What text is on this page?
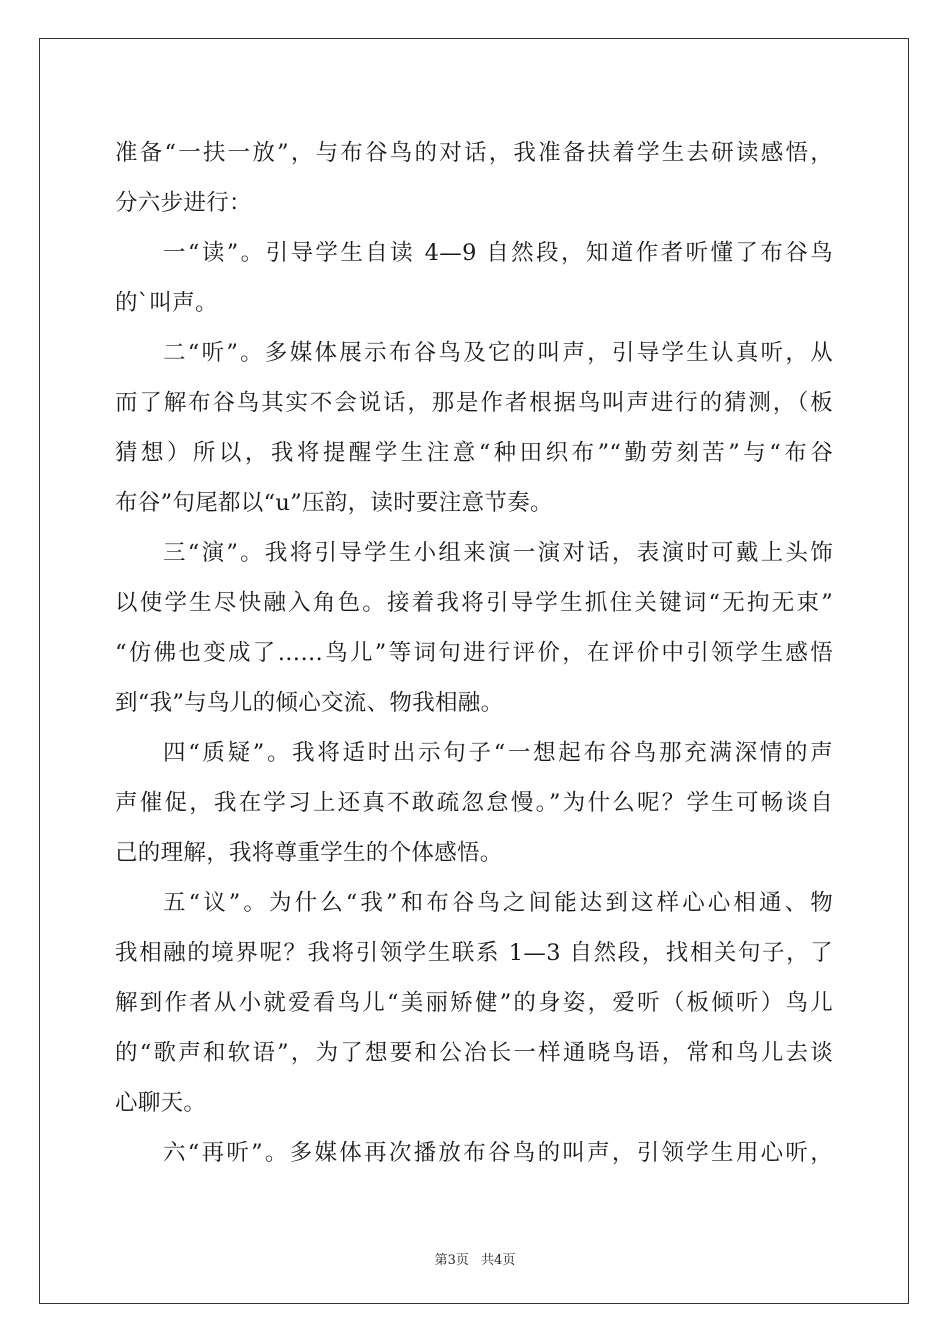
准备“一扶一放”，与布谷鸟的对话，我准备扶着学生去研读感悟，
分六步进行：
一“读”。引导学生自读 4—9 自然段，知道作者听懂了布谷鸟
的`叫声。
二“听”。多媒体展示布谷鸟及它的叫声，引导学生认真听，从
而了解布谷鸟其实不会说话，那是作者根据鸟叫声进行的猜测，（板
猜想）所以，我将提醒学生注意“种田织布”“勤劳刻苦”与“布谷
布谷”句尾都以“u”压韵，读时要注意节奏。
三“演”。我将引导学生小组来演一演对话，表演时可戴上头饰
以使学生尽快融入角色。接着我将引导学生抓住关键词“无拘无束”
“仿佛也变成了……鸟儿”等词句进行评价，在评价中引领学生感悟
到“我”与鸟儿的倾心交流、物我相融。
四“质疑”。我将适时出示句子“一想起布谷鸟那充满深情的声
声催促，我在学习上还真不敢疏忽怠慢。”为什么呢？学生可畅谈自
己的理解，我将尊重学生的个体感悟。
五“议”。为什么“我”和布谷鸟之间能达到这样心心相通、物
我相融的境界呢？我将引领学生联系 1—3 自然段，找相关句子，了
解到作者从小就爱看鸟儿“美丽矫健”的身姿，爱听（板倾听）鸟儿
的“歌声和软语”，为了想要和公冶长一样通晓鸟语，常和鸟儿去谈
心聊天。
六“再听”。多媒体再次播放布谷鸟的叫声，引领学生用心听，
第3页 共4页
